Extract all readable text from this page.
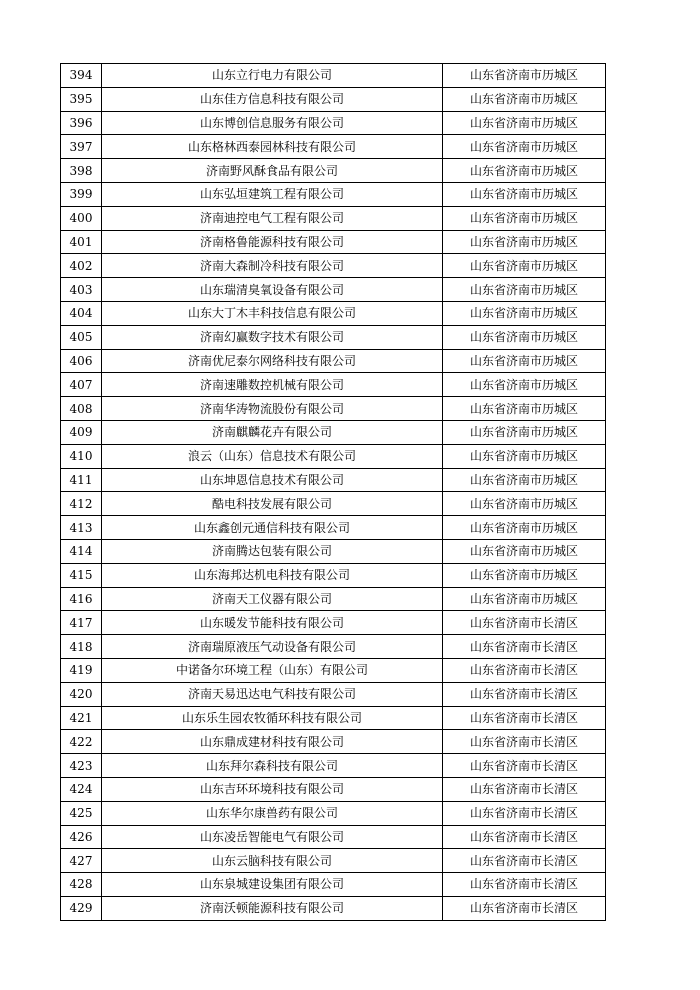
394	山东立行电力有限公司	山东省济南市历城区
395	山东佳方信息科技有限公司	山东省济南市历城区
396	山东博创信息服务有限公司	山东省济南市历城区
397	山东格林西泰园林科技有限公司	山东省济南市历城区
398	济南野风酥食品有限公司	山东省济南市历城区
399	山东弘垣建筑工程有限公司	山东省济南市历城区
400	济南迪控电气工程有限公司	山东省济南市历城区
401	济南格鲁能源科技有限公司	山东省济南市历城区
402	济南大森制冷科技有限公司	山东省济南市历城区
403	山东瑞清臭氧设备有限公司	山东省济南市历城区
404	山东大丁木丰科技信息有限公司	山东省济南市历城区
405	济南幻赢数字技术有限公司	山东省济南市历城区
406	济南优尼泰尔网络科技有限公司	山东省济南市历城区
407	济南速雕数控机械有限公司	山东省济南市历城区
408	济南华涛物流股份有限公司	山东省济南市历城区
409	济南麒麟花卉有限公司	山东省济南市历城区
410	浪云（山东）信息技术有限公司	山东省济南市历城区
411	山东坤恩信息技术有限公司	山东省济南市历城区
412	酷电科技发展有限公司	山东省济南市历城区
413	山东鑫创元通信科技有限公司	山东省济南市历城区
414	济南腾达包装有限公司	山东省济南市历城区
415	山东海邦达机电科技有限公司	山东省济南市历城区
416	济南天工仪器有限公司	山东省济南市历城区
417	山东暖发节能科技有限公司	山东省济南市长清区
418	济南瑞原液压气动设备有限公司	山东省济南市长清区
419	中诺备尔环境工程（山东）有限公司	山东省济南市长清区
420	济南天易迅达电气科技有限公司	山东省济南市长清区
421	山东乐生园农牧循环科技有限公司	山东省济南市长清区
422	山东鼎成建材科技有限公司	山东省济南市长清区
423	山东拜尔森科技有限公司	山东省济南市长清区
424	山东吉环环境科技有限公司	山东省济南市长清区
425	山东华尔康兽药有限公司	山东省济南市长清区
426	山东凌岳智能电气有限公司	山东省济南市长清区
427	山东云脑科技有限公司	山东省济南市长清区
428	山东泉城建设集团有限公司	山东省济南市长清区
429	济南沃顿能源科技有限公司	山东省济南市长清区
